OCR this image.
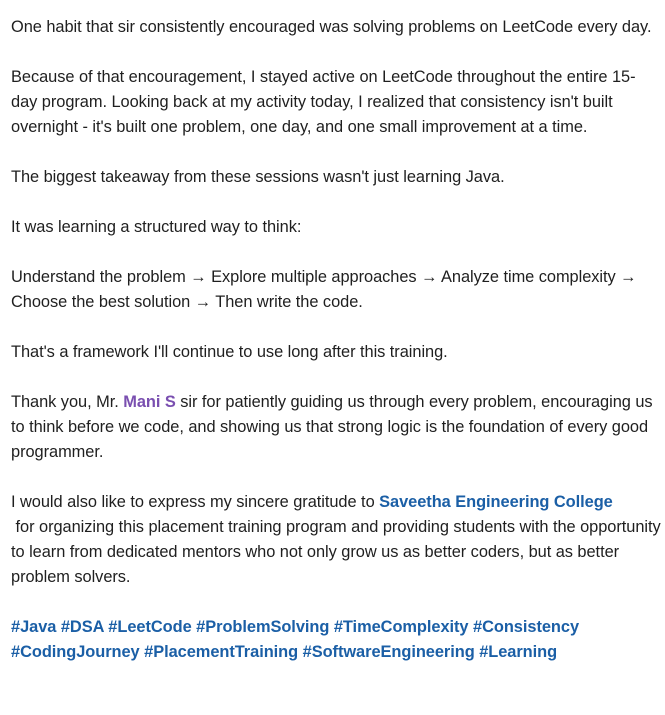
One habit that sir consistently encouraged was solving problems on LeetCode every day.

Because of that encouragement, I stayed active on LeetCode throughout the entire 15-day program. Looking back at my activity today, I realized that consistency isn't built overnight - it's built one problem, one day, and one small improvement at a time.

The biggest takeaway from these sessions wasn't just learning Java.

It was learning a structured way to think:

Understand the problem → Explore multiple approaches → Analyze time complexity → Choose the best solution → Then write the code.

That's a framework I'll continue to use long after this training.

Thank you, Mr. Mani S sir for patiently guiding us through every problem, encouraging us to think before we code, and showing us that strong logic is the foundation of every good programmer.

I would also like to express my sincere gratitude to Saveetha Engineering College
for organizing this placement training program and providing students with the opportunity to learn from dedicated mentors who not only grow us as better coders, but as better problem solvers.

#Java #DSA #LeetCode #ProblemSolving #TimeComplexity #Consistency
#CodingJourney #PlacementTraining #SoftwareEngineering #Learning
